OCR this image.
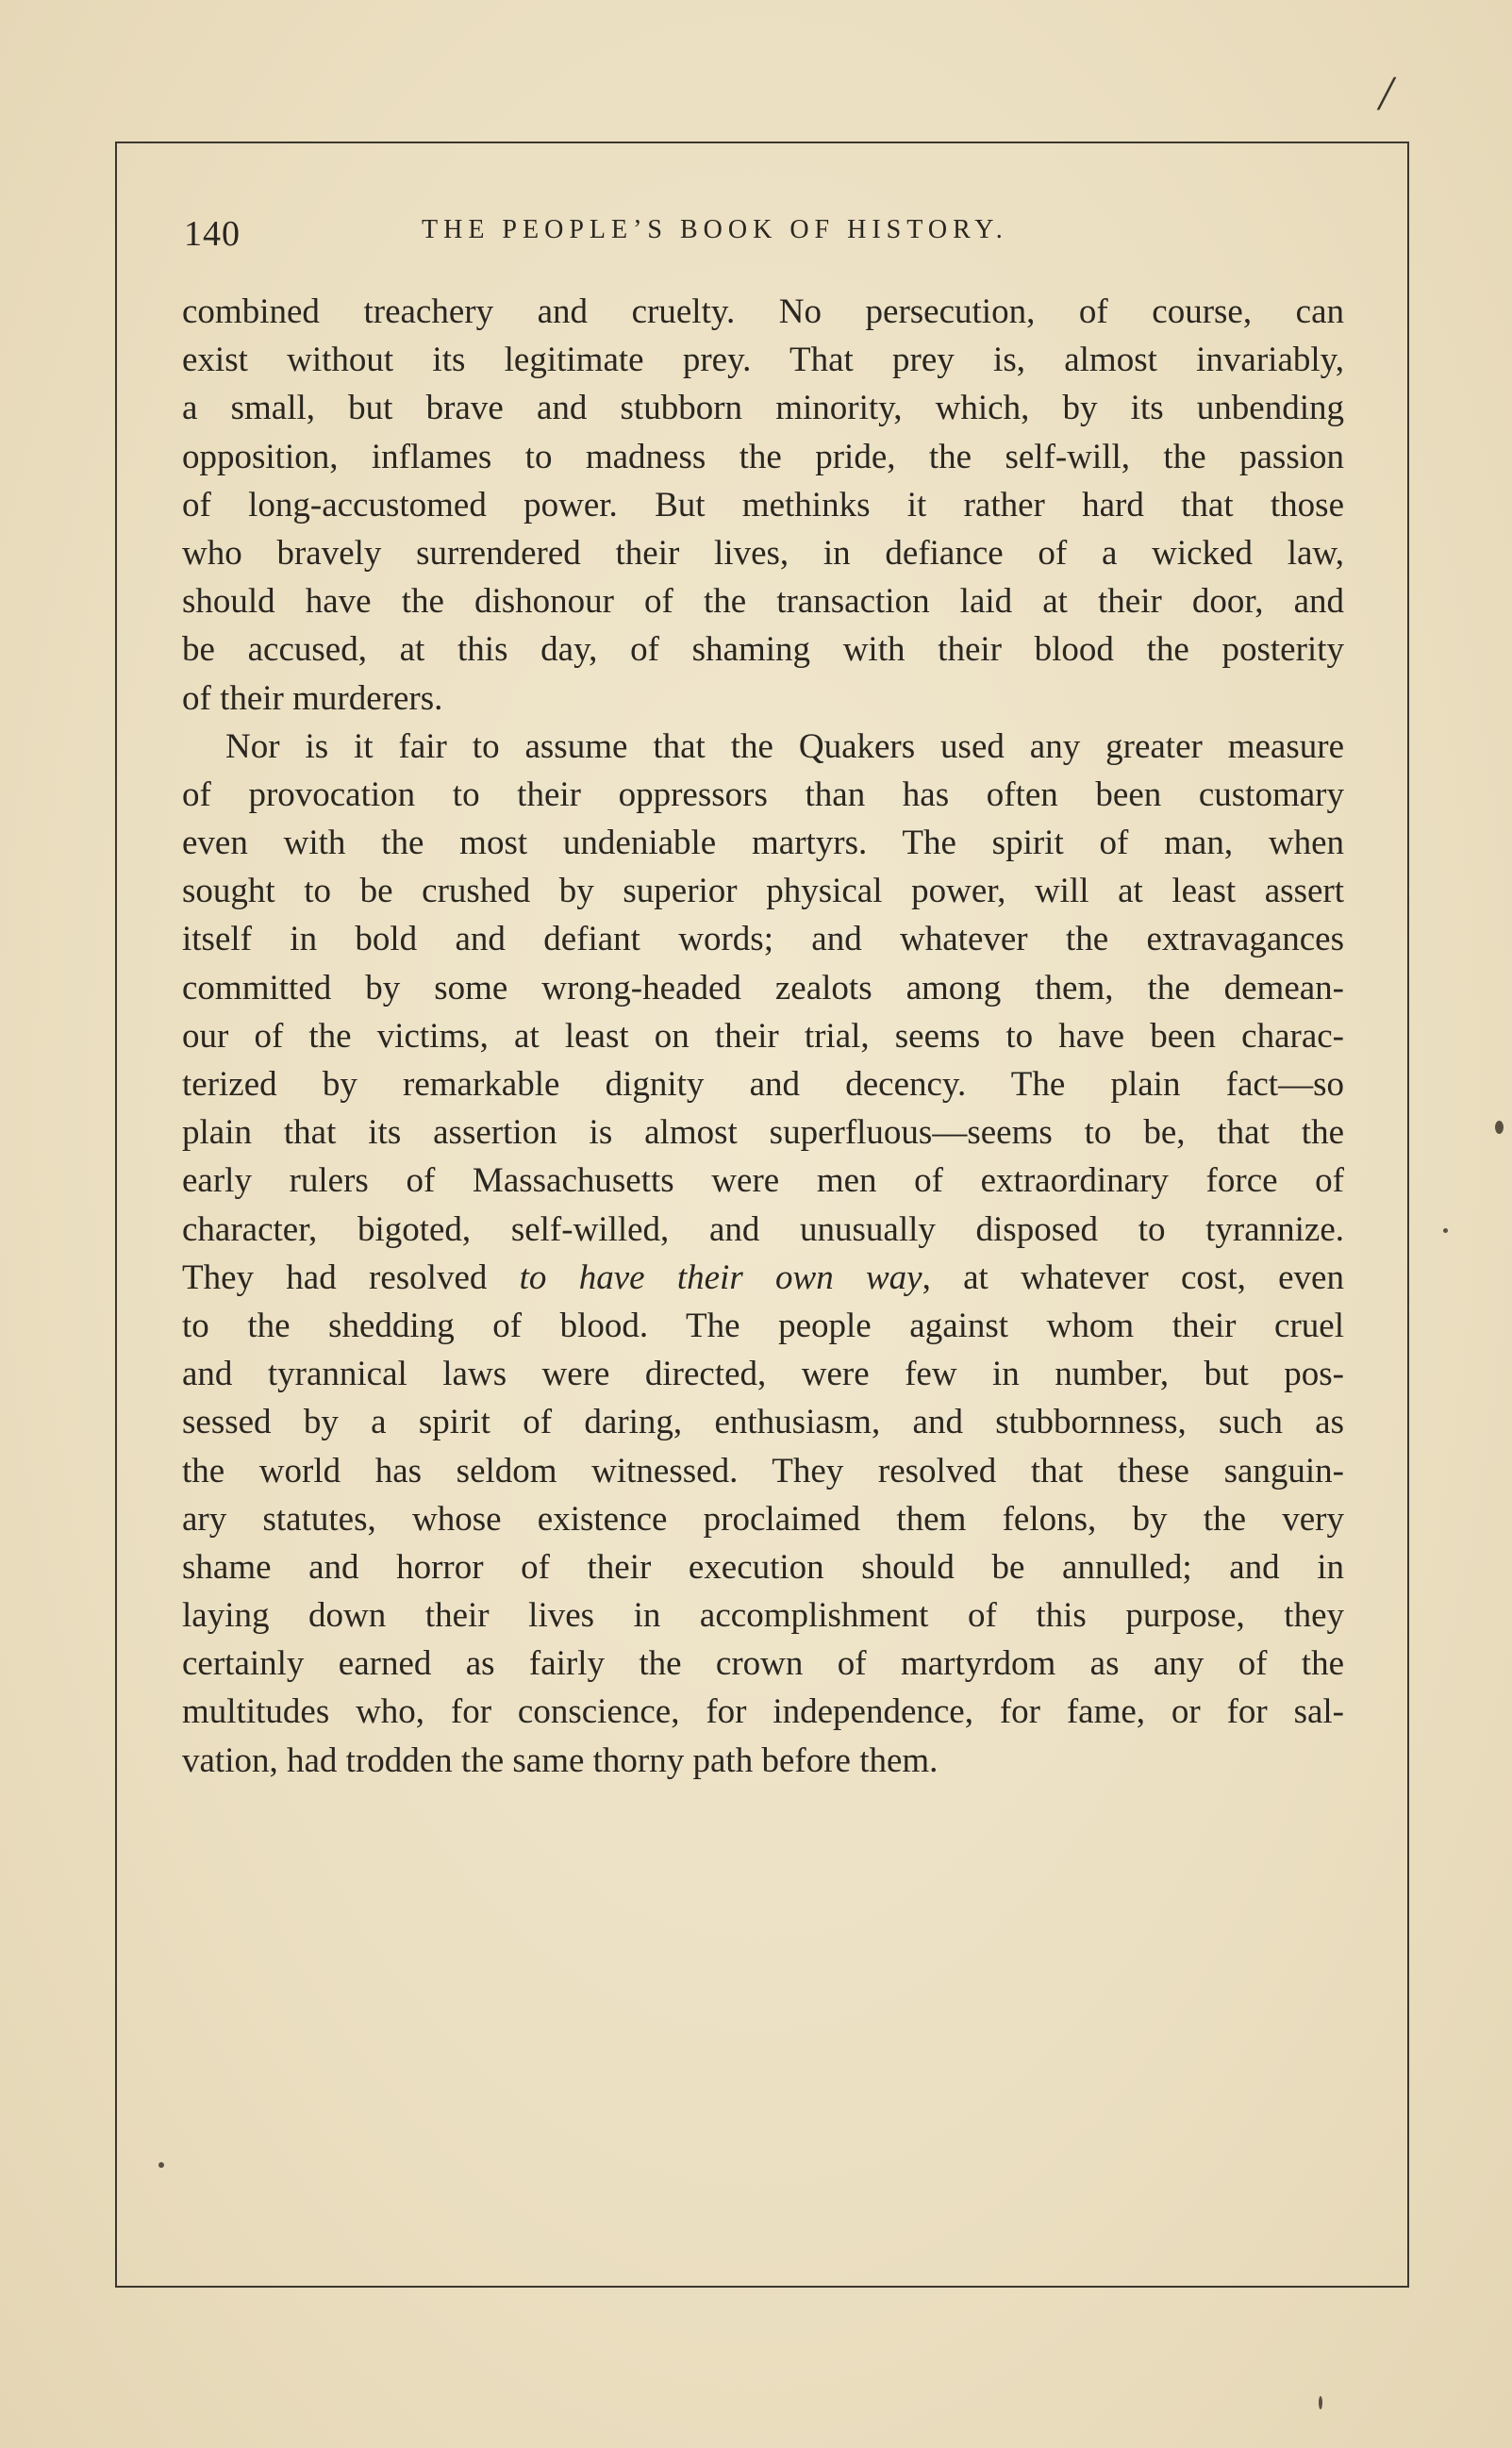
/
140	THE PEOPLE’S BOOK OF HISTORY.
combined treachery and cruelty. No persecution, of course, can
exist without its legitimate prey. That prey is, almost invariably,
a small, but brave and stubborn minority, which, by its unbending
opposition, inflames to madness the pride, the self-will, the passion
of long-accustomed power. But methinks it rather hard that those
who bravely surrendered their lives, in defiance of a wicked law,
should have the dishonour of the transaction laid at their door, and
be accused, at this day, of shaming with their blood the posterity
of their murderers.
Nor is it fair to assume that the Quakers used any greater measure
of provocation to their oppressors than has often been customary
even with the most undeniable martyrs. The spirit of man, when
sought to be crushed by superior physical power, will at least assert
itself in bold and defiant words; and whatever the extravagances
committed by some wrong-headed zealots among them, the demean-
our of the victims, at least on their trial, seems to have been charac-
terized by remarkable dignity and decency. The plain fact—so
plain that its assertion is almost superfluous—seems to be, that the
early rulers of Massachusetts were men of extraordinary force of
character, bigoted, self-willed, and unusually disposed to tyrannize.
They had resolved to have their own way, at whatever cost, even
to the shedding of blood. The people against whom their cruel
and tyrannical laws were directed, were few in number, but pos-
sessed by a spirit of daring, enthusiasm, and stubbornness, such as
the world has seldom witnessed. They resolved that these sanguin-
ary statutes, whose existence proclaimed them felons, by the very
shame and horror of their execution should be annulled; and in
laying down their lives in accomplishment of this purpose, they
certainly earned as fairly the crown of martyrdom as any of the
multitudes who, for conscience, for independence, for fame, or for sal-
vation, had trodden the same thorny path before them.
